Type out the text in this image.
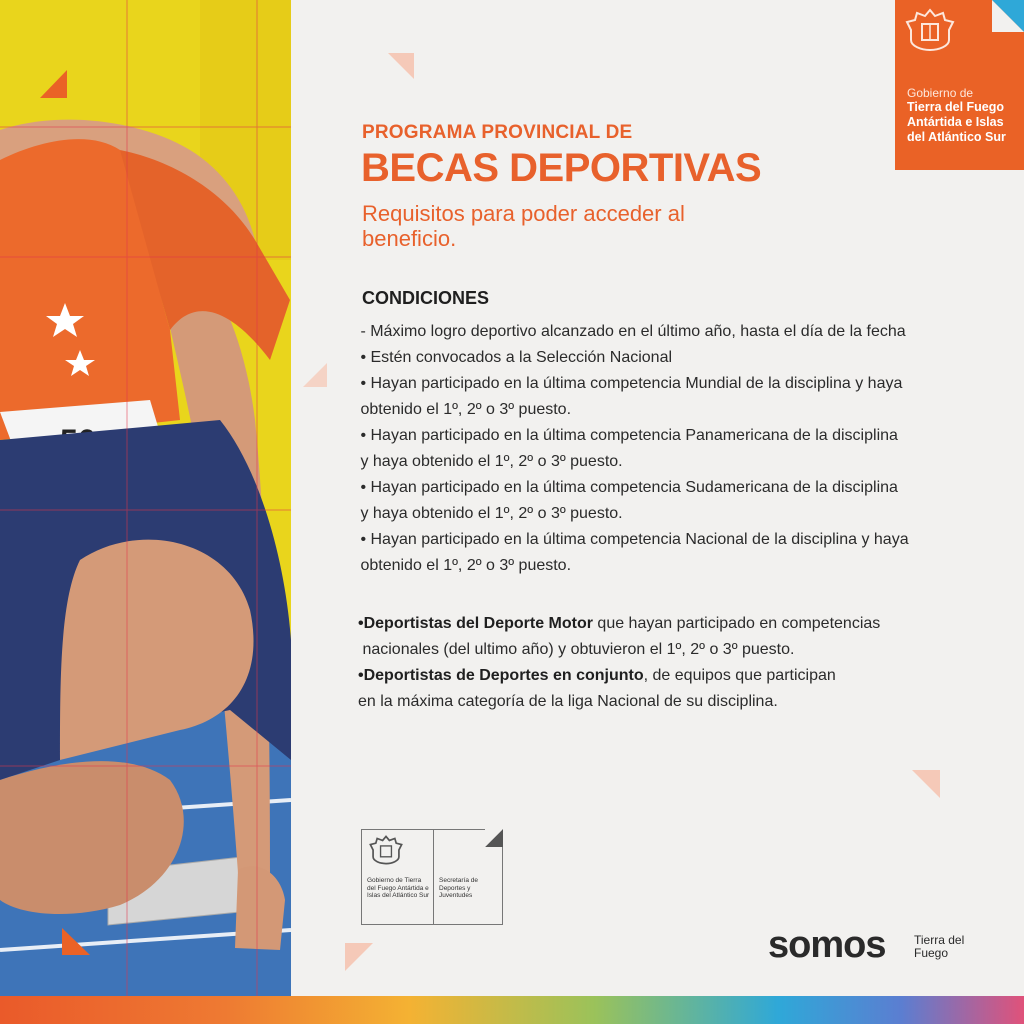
Gobierno de
Tierra del Fuego Antártida e Islas del Atlántico Sur
PROGRAMA PROVINCIAL DE
BECAS DEPORTIVAS
Requisitos para poder acceder al beneficio.
CONDICIONES
- Máximo logro deportivo alcanzado en el último año, hasta el día de la fecha
• Estén convocados a la Selección Nacional
• Hayan participado en la última competencia Mundial de la disciplina y haya
obtenido el 1º, 2º o 3º puesto.
• Hayan participado en la última competencia Panamericana de la disciplina
y haya obtenido el 1º, 2º o 3º puesto.
• Hayan participado en la última competencia Sudamericana de la disciplina
y haya obtenido el 1º, 2º o 3º puesto.
• Hayan participado en la última competencia Nacional de la disciplina y haya
obtenido el 1º, 2º o 3º puesto.
•Deportistas del Deporte Motor que hayan participado en competencias
nacionales (del ultimo año) y obtuvieron el 1º, 2º o 3º puesto.
•Deportistas de Deportes en conjunto, de equipos que participan
en la máxima categoría de la liga Nacional de su disciplina.
Gobierno de Tierra del Fuego Antártida e Islas del Atlántico Sur
Secretaría de Deportes y Juventudes
somos Tierra del Fuego
